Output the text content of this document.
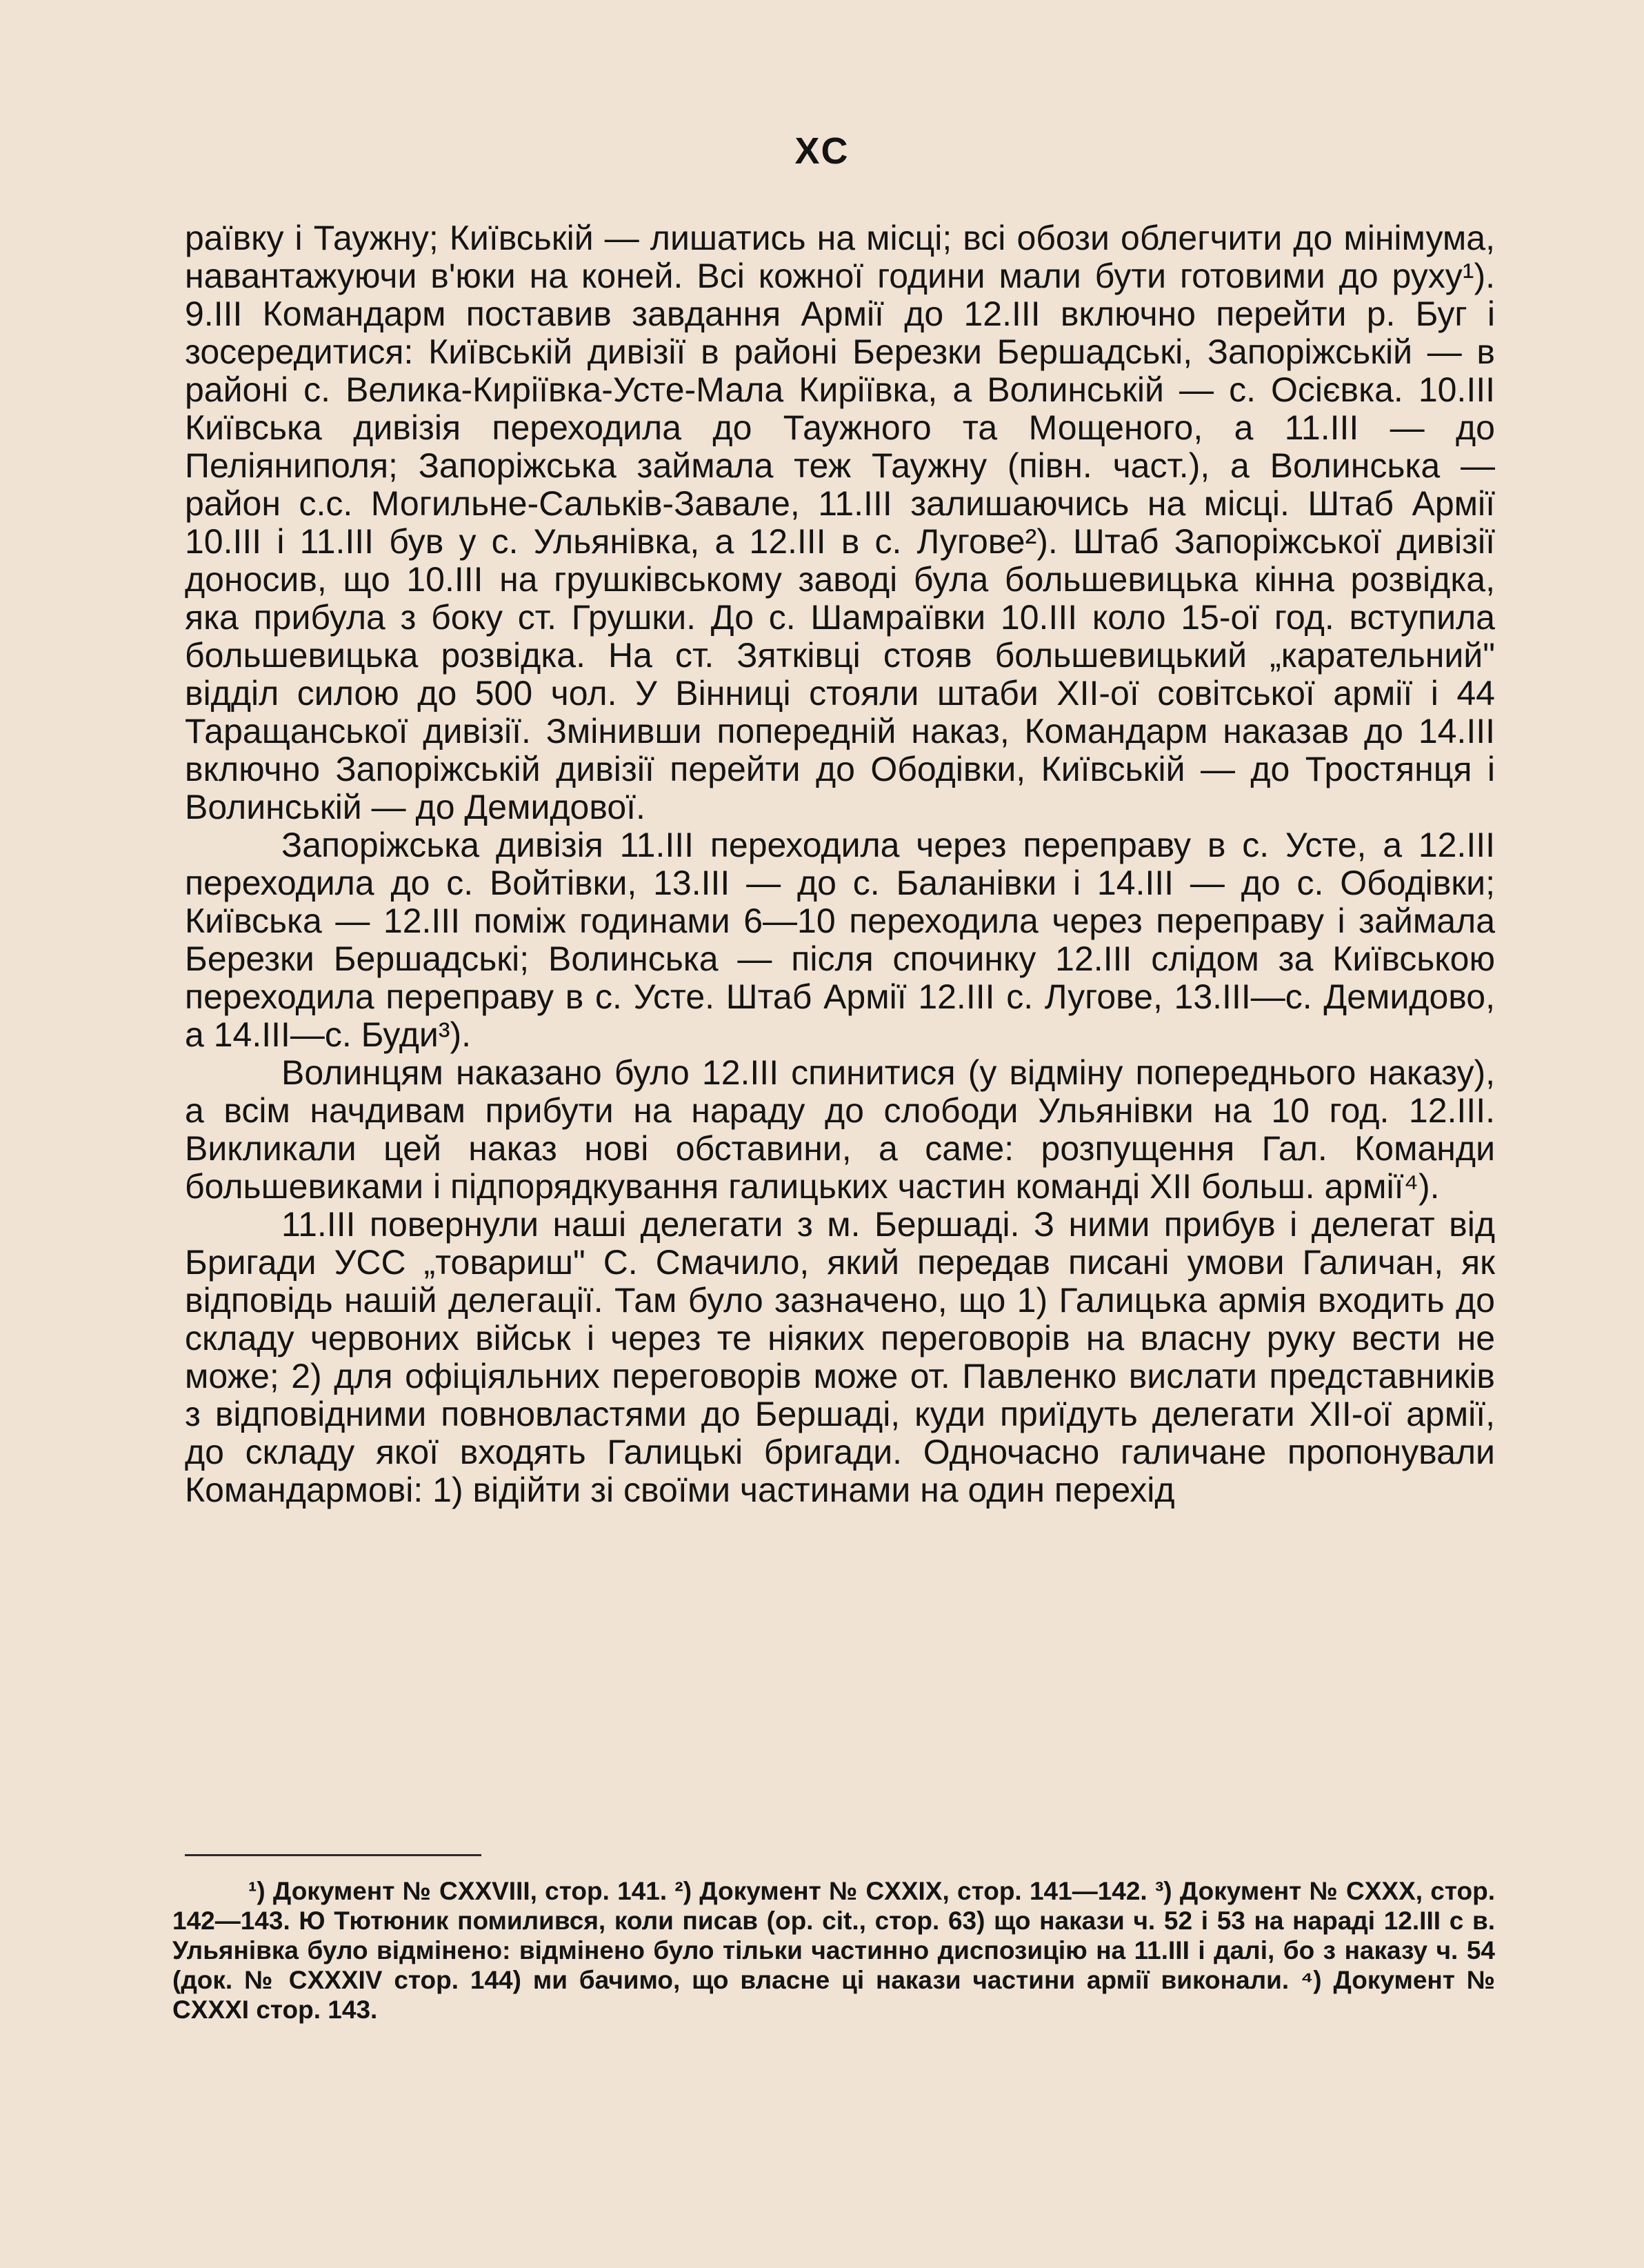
XC

раївку і Таужну; Київській — лишатись на місці; всі обози облегчити до мінімума, навантажуючи в'юки на коней. Всі кожної години мали бути готовими до руху¹). 9.III Командарм поставив завдання Армії до 12.III включно перейти р. Буг і зосередитися: Київській дивізії в районі Березки Бершадські, Запоріжській — в районі с. Велика-Киріївка-Усте-Мала Киріївка, а Волинській — с. Осієвка. 10.III Київська дивізія переходила до Таужного та Мощеного, а 11.III — до Пеліяниполя; Запоріжська займала теж Таужну (півн. част.), а Волинська — район с.с. Могильне-Сальків-Завале, 11.III залишаючись на місці. Штаб Армії 10.III і 11.III був у с. Ульянівка, а 12.III в с. Лугове²). Штаб Запоріжської дивізії доносив, що 10.III на грушківському заводі була большевицька кінна розвідка, яка прибула з боку ст. Грушки. До с. Шамраївки 10.III коло 15-ої год. вступила большевицька розвідка. На ст. Зятківці стояв большевицький „карательний" відділ силою до 500 чол. У Вінниці стояли штаби XII-ої совітської армії і 44 Таращанської дивізії. Змінивши попередній наказ, Командарм наказав до 14.III включно Запоріжській дивізії перейти до Ободівки, Київській — до Тростянця і Волинській — до Демидової.

Запоріжська дивізія 11.III переходила через переправу в с. Усте, а 12.III переходила до с. Войтівки, 13.III — до с. Баланівки і 14.III — до с. Ободівки; Київська — 12.III поміж годинами 6—10 переходила через переправу і займала Березки Бершадські; Волинська — після спочинку 12.III слідом за Київською переходила переправу в с. Усте. Штаб Армії 12.III с. Лугове, 13.III—с. Демидово, а 14.III—с. Буди³).

Волинцям наказано було 12.III спинитися (у відміну попереднього наказу), а всім начдивам прибути на нараду до слободи Ульянівки на 10 год. 12.III. Викликали цей наказ нові обставини, а саме: розпущення Гал. Команди большевиками і підпорядкування галицьких частин команді XII больш. армії⁴).

11.III повернули наші делегати з м. Бершаді. З ними прибув і делегат від Бригади УСС „товариш" С. Смачило, який передав писані умови Галичан, як відповідь нашій делегації. Там було зазначено, що 1) Галицька армія входить до складу червоних військ і через те ніяких переговорів на власну руку вести не може; 2) для офіціяльних переговорів може от. Павленко вислати представників з відповідними повновластями до Бершаді, куди приїдуть делегати XII-ої армії, до складу якої входять Галицькі бригади. Одночасно галичане пропонували Командармові: 1) відійти зі своїми частинами на один перехід

¹) Документ № CXXVIII, стор. 141. ²) Документ № CXXIX, стор. 141—142. ³) Документ № CXXX, стор. 142—143. Ю Тютюник помилився, коли писав (op. cit., стор. 63) що накази ч. 52 і 53 на нараді 12.III с в. Ульянівка було відмінено: відмінено було тільки частинно диспозицію на 11.III і далі, бо з наказу ч. 54 (док. № CXXXIV стор. 144) ми бачимо, що власне ці накази частини армії виконали. ⁴) Документ № CXXXI стор. 143.
